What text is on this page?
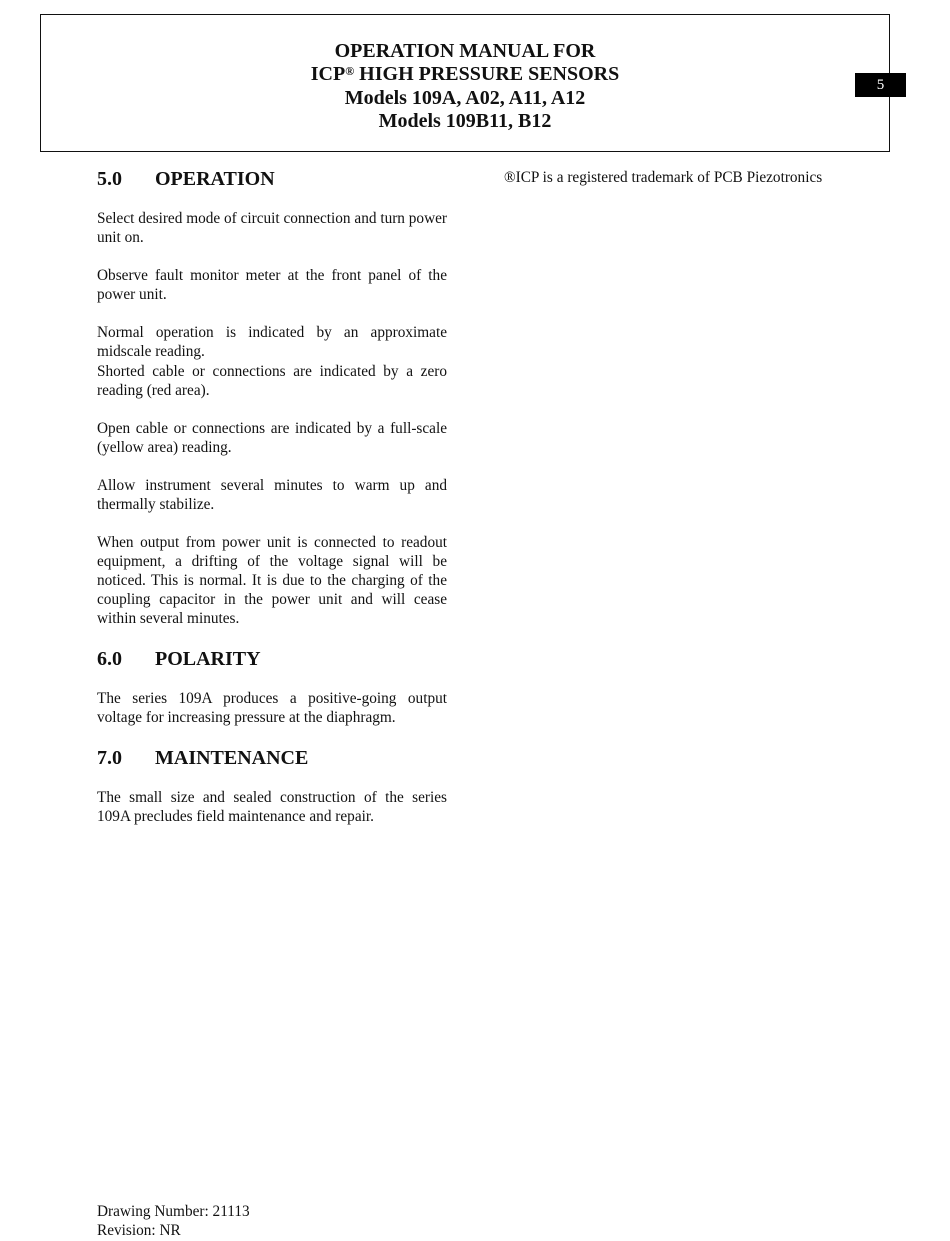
OPERATION MANUAL FOR
ICP® HIGH PRESSURE SENSORS
Models 109A, A02, A11, A12
Models 109B11, B12
5
®ICP is a registered trademark of PCB Piezotronics
5.0 OPERATION

Select desired mode of circuit connection and turn power unit on.

Observe fault monitor meter at the front panel of the power unit.

Normal operation is indicated by an approximate midscale reading.

Shorted cable or connections are indicated by a zero reading (red area).

Open cable or connections are indicated by a full-scale (yellow area) reading.

Allow instrument several minutes to warm up and thermally stabilize.

When output from power unit is connected to readout equipment, a drifting of the voltage signal will be noticed. This is normal. It is due to the charging of the coupling capacitor in the power unit and will cease within several minutes.

6.0 POLARITY

The series 109A produces a positive-going output voltage for increasing pressure at the diaphragm.

7.0 MAINTENANCE

The small size and sealed construction of the series 109A precludes field maintenance and repair.

Drawing Number: 21113
Revision: NR
